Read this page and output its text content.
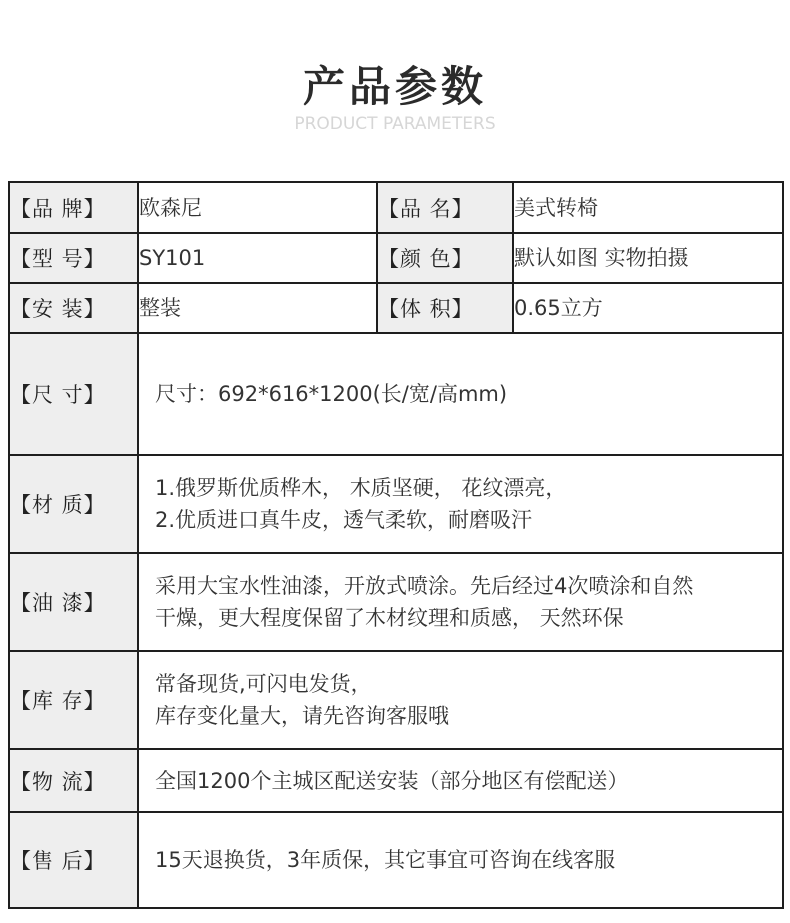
产品参数
PRODUCT PARAMETERS
【品 牌】	欧森尼	【品 名】	美式转椅
【型 号】	SY101	【颜 色】	默认如图 实物拍摄
【安 装】	整装	【体 积】	0.65立方
【尺 寸】	尺寸：692*616*1200(长/宽/高mm)		
【材 质】	1.俄罗斯优质桦木， 木质坚硬， 花纹漂亮，
2.优质进口真牛皮，透气柔软，耐磨吸汗		

【油 漆】	采用大宝水性油漆，开放式喷涂。先后经过4次喷涂和自然
干燥，更大程度保留了木材纹理和质感， 天然环保		

【库 存】	常备现货,可闪电发货，
库存变化量大，请先咨询客服哦		

【物 流】	全国1200个主城区配送安装（部分地区有偿配送）		
【售 后】	15天退换货，3年质保，其它事宜可咨询在线客服		
